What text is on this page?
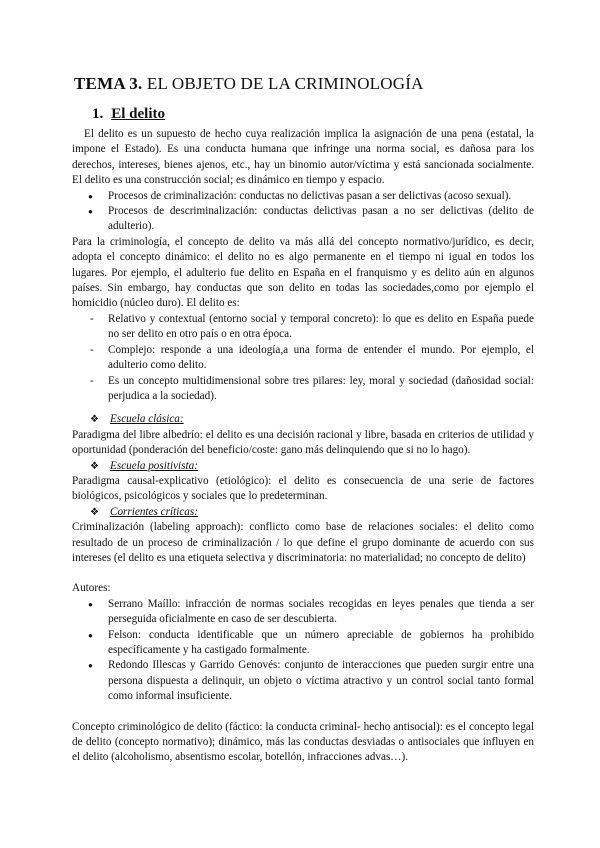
TEMA 3. EL OBJETO DE LA CRIMINOLOGÍA
1. El delito

El delito es un supuesto de hecho cuya realización implica la asignación de una pena (estatal, la impone el Estado). Es una conducta humana que infringe una norma social, es dañosa para los derechos, intereses, bienes ajenos, etc., hay un binomio autor/víctima y está sancionada socialmente. El delito es una construcción social; es dinámico en tiempo y espacio.

● Procesos de criminalización: conductas no delictivas pasan a ser delictivas (acoso sexual).
● Procesos de descriminalización: conductas delictivas pasan a no ser delictivas (delito de adulterio).

Para la criminología, el concepto de delito va más allá del concepto normativo/jurídico, es decir, adopta el concepto dinámico: el delito no es algo permanente en el tiempo ni igual en todos los lugares. Por ejemplo, el adulterio fue delito en España en el franquismo y es delito aún en algunos países. Sin embargo, hay conductas que son delito en todas las sociedades,como por ejemplo el homicidio (núcleo duro). El delito es:

- Relativo y contextual (entorno social y temporal concreto): lo que es delito en España puede no ser delito en otro país o en otra época.
- Complejo: responde a una ideología,a una forma de entender el mundo. Por ejemplo, el adulterio como delito.
- Es un concepto multidimensional sobre tres pilares: ley, moral y sociedad (dañosidad social: perjudica a la sociedad).
❖ Escuela clásica:

Paradigma del libre albedrío: el delito es una decisión racional y libre, basada en criterios de utilidad y oportunidad (ponderación del beneficio/coste: gano más delinquiendo que si no lo hago).

❖ Escuela positivista:

Paradigma causal-explicativo (etiológico): el delito es consecuencia de una serie de factores biológicos, psicológicos y sociales que lo predeterminan.

❖ Corrientes críticas:

Criminalización (labeling approach): conflicto como base de relaciones sociales: el delito como resultado de un proceso de criminalización / lo que define el grupo dominante de acuerdo con sus intereses (el delito es una etiqueta selectiva y discriminatoria: no materialidad; no concepto de delito)

Autores:

● Serrano Maíllo: infracción de normas sociales recogidas en leyes penales que tienda a ser perseguida oficialmente en caso de ser descubierta.
● Felson: conducta identificable que un número apreciable de gobiernos ha prohibido específicamente y ha castigado formalmente.
● Redondo Illescas y Garrido Genovés: conjunto de interacciones que pueden surgir entre una persona dispuesta a delinquir, un objeto o víctima atractivo y un control social tanto formal como informal insuficiente.

Concepto criminológico de delito (fáctico: la conducta criminal- hecho antisocial): es el concepto legal de delito (concepto normativo); dinámico, más las conductas desviadas o antisociales que influyen en el delito (alcoholismo, absentismo escolar, botellón, infracciones advas…).
